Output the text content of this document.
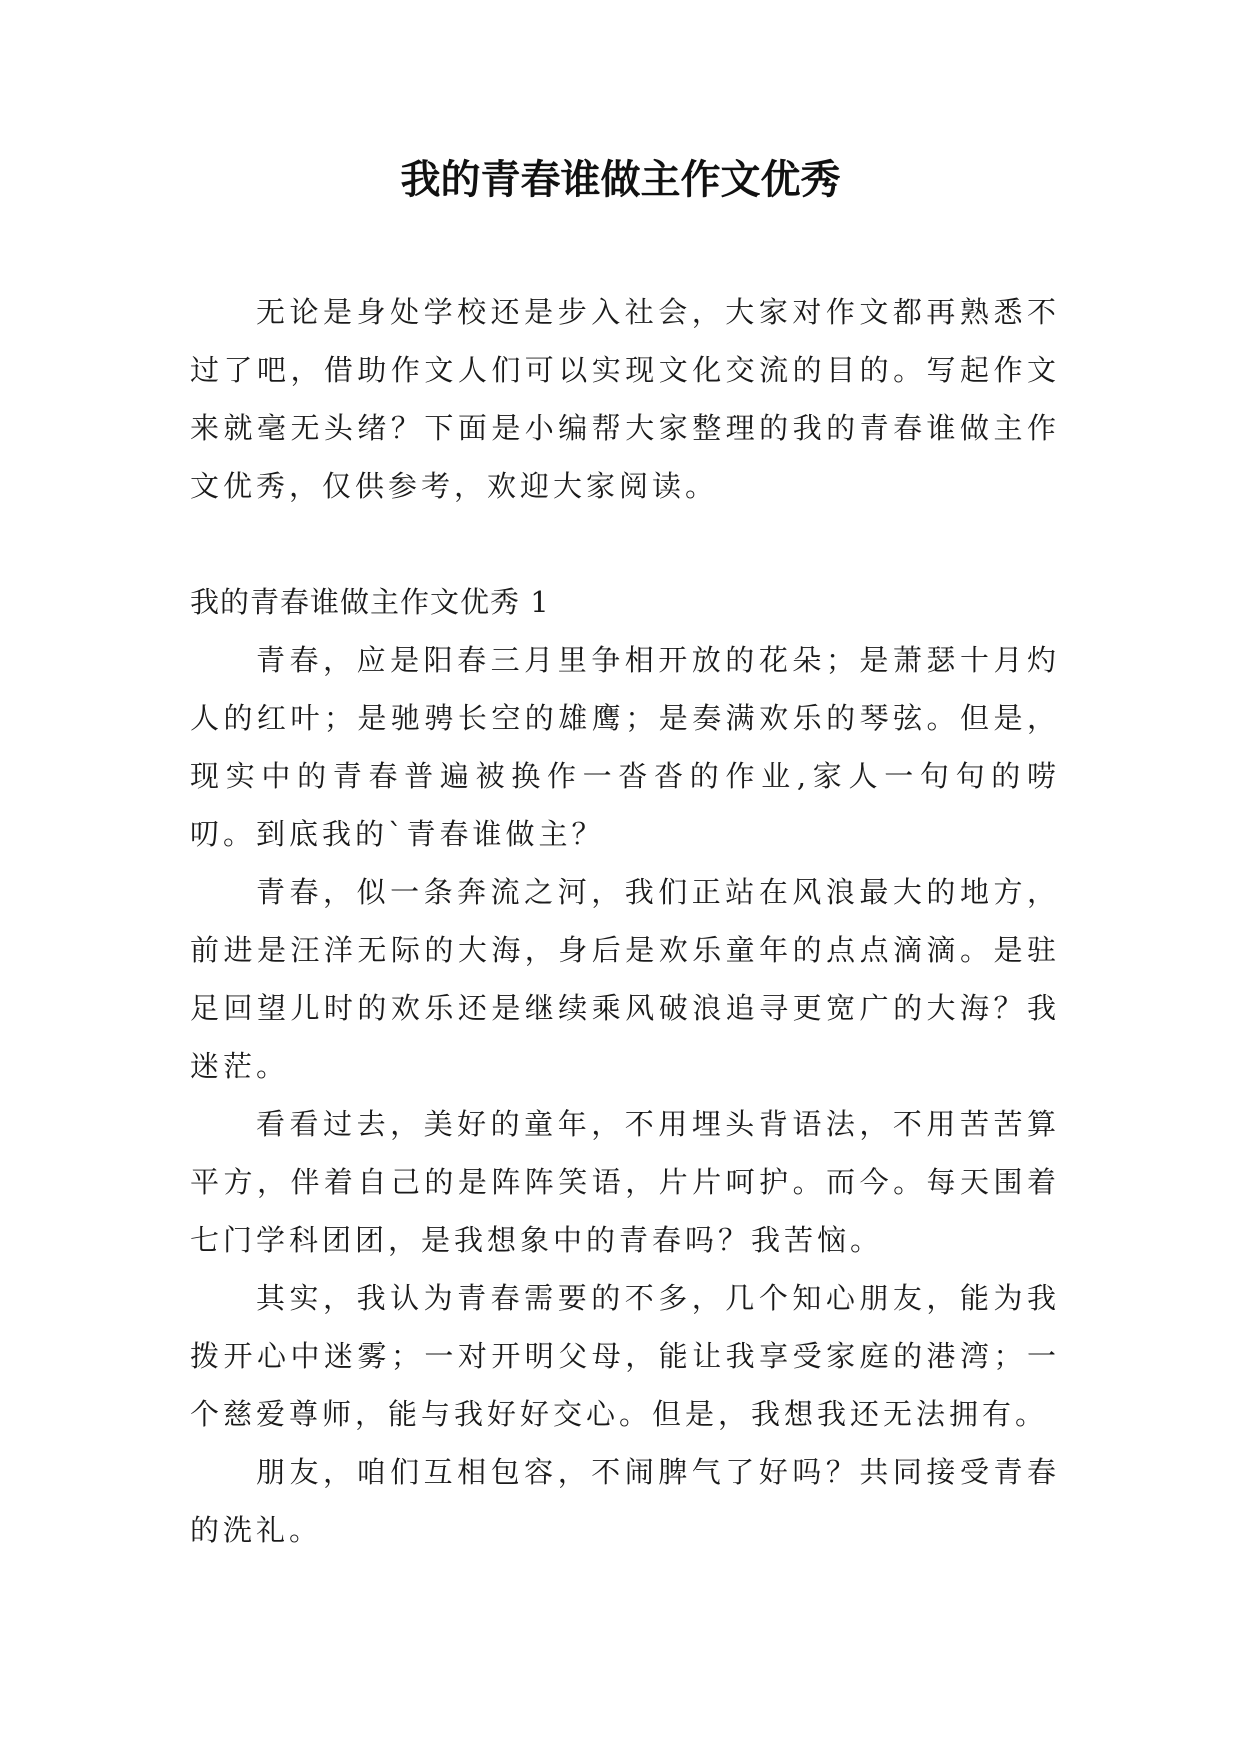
我的青春谁做主作文优秀

无论是身处学校还是步入社会，大家对作文都再熟悉不过了吧，借助作文人们可以实现文化交流的目的。写起作文来就毫无头绪？下面是小编帮大家整理的我的青春谁做主作文优秀，仅供参考，欢迎大家阅读。

我的青春谁做主作文优秀 1

青春，应是阳春三月里争相开放的花朵；是萧瑟十月灼人的红叶；是驰骋长空的雄鹰；是奏满欢乐的琴弦。但是，现实中的青春普遍被换作一沓沓的作业,家人一句句的唠叨。到底我的`青春谁做主？

青春，似一条奔流之河，我们正站在风浪最大的地方，前进是汪洋无际的大海，身后是欢乐童年的点点滴滴。是驻足回望儿时的欢乐还是继续乘风破浪追寻更宽广的大海？我迷茫。

看看过去，美好的童年，不用埋头背语法，不用苦苦算平方，伴着自己的是阵阵笑语，片片呵护。而今。每天围着七门学科团团，是我想象中的青春吗？我苦恼。

其实，我认为青春需要的不多，几个知心朋友，能为我拨开心中迷雾；一对开明父母，能让我享受家庭的港湾；一个慈爱尊师，能与我好好交心。但是，我想我还无法拥有。

朋友，咱们互相包容，不闹脾气了好吗？共同接受青春的洗礼。
